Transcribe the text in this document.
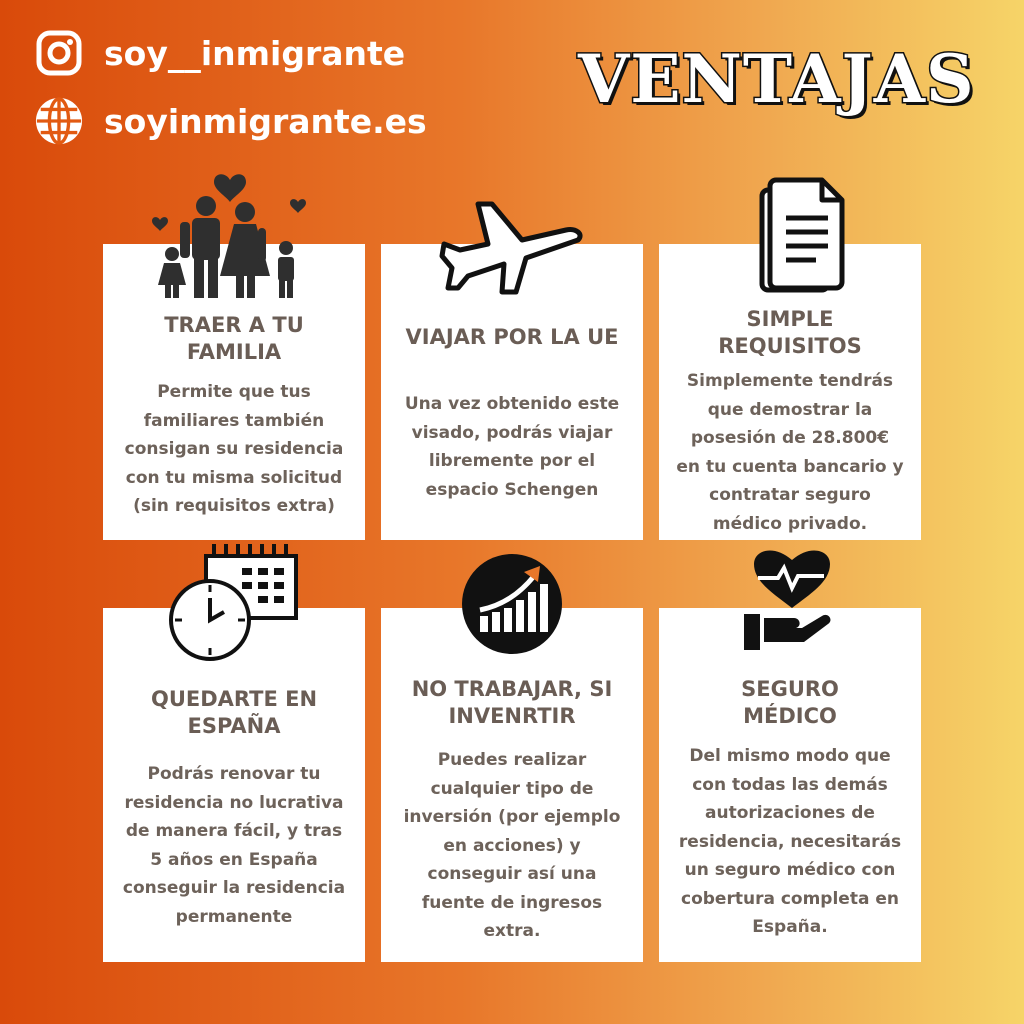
soy__inmigrante
soyinmigrante.es
VENTAJAS
TRAER A TU
FAMILIA
Permite que tus
familiares también
consigan su residencia
con tu misma solicitud
(sin requisitos extra)
VIAJAR POR LA UE
Una vez obtenido este
visado, podrás viajar
libremente por el
espacio Schengen
SIMPLE
REQUISITOS
Simplemente tendrás
que demostrar la
posesión de 28.800€
en tu cuenta bancario y
contratar seguro
médico privado.
QUEDARTE EN
ESPAÑA
Podrás renovar tu
residencia no lucrativa
de manera fácil, y tras
5 años en España
conseguir la residencia
permanente
NO TRABAJAR, SI
INVENRTIR
Puedes realizar
cualquier tipo de
inversión (por ejemplo
en acciones) y
conseguir así una
fuente de ingresos
extra.
SEGURO
MÉDICO
Del mismo modo que
con todas las demás
autorizaciones de
residencia, necesitarás
un seguro médico con
cobertura completa en
España.
